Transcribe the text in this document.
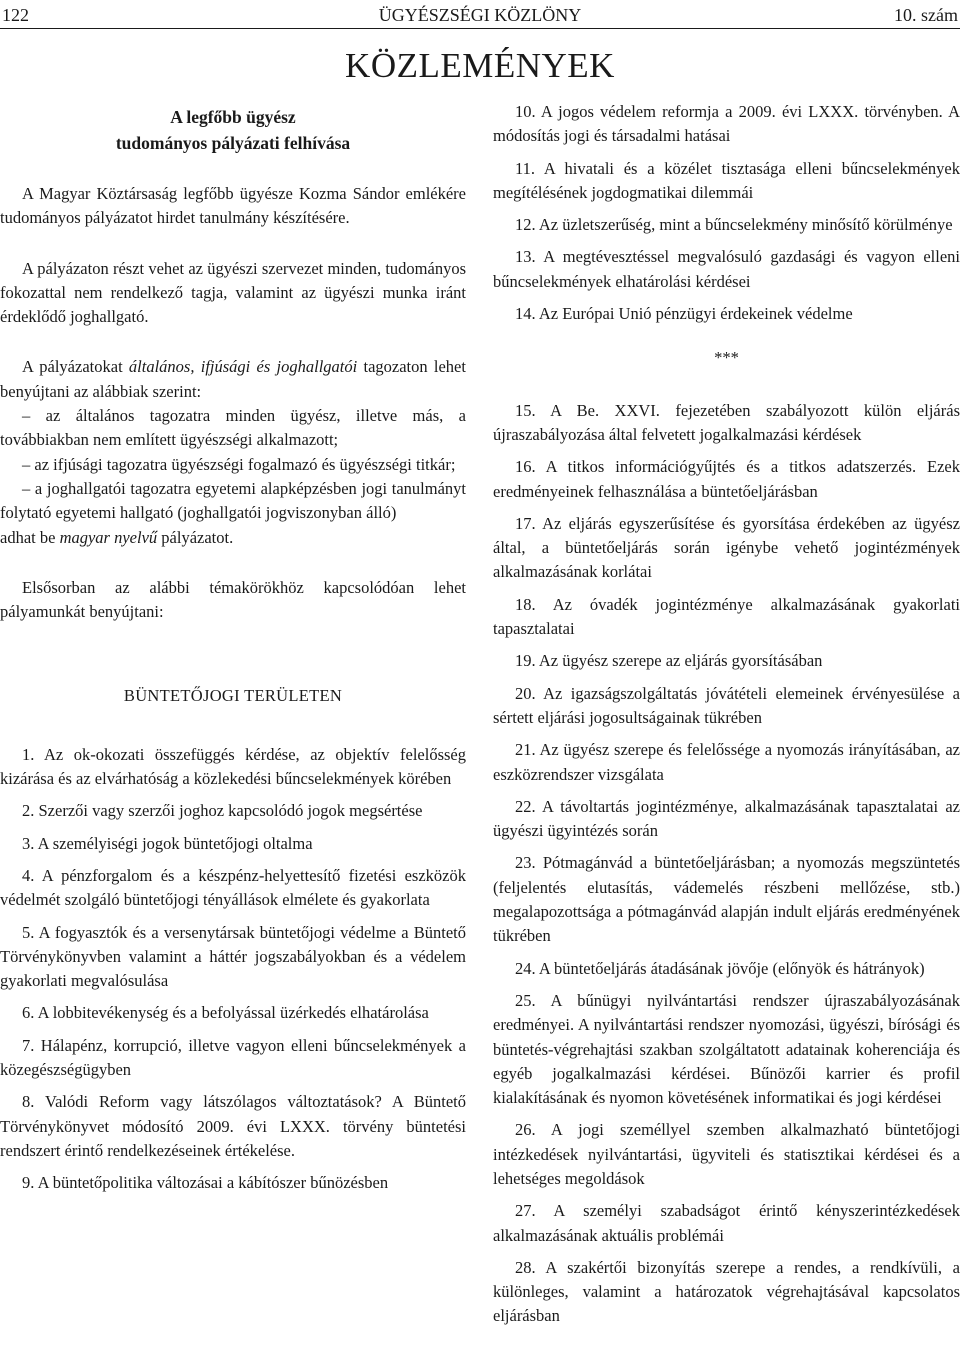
122	ÜGYÉSZSÉGI KÖZLÖNY	10. szám
KÖZLEMÉNYEK

A legfőbb ügyész

tudományos pályázati felhívása

A Magyar Köztársaság legfőbb ügyésze Kozma Sándor emlékére tudományos pályázatot hirdet tanulmány készítésére.

A pályázaton részt vehet az ügyészi szervezet minden, tudományos fokozattal nem rendelkező tagja, valamint az ügyészi munka iránt érdeklődő joghallgató.

A pályázatokat általános, ifjúsági és joghallgatói tagozaton lehet benyújtani az alábbiak szerint:

– az általános tagozatra minden ügyész, illetve más, a továbbiakban nem említett ügyészségi alkalmazott;

– az ifjúsági tagozatra ügyészségi fogalmazó és ügyészségi titkár;

– a joghallgatói tagozatra egyetemi alapképzésben jogi tanulmányt folytató egyetemi hallgató (joghallgatói jogviszonyban álló)

adhat be magyar nyelvű pályázatot.

Elsősorban az alábbi témakörökhöz kapcsolódóan lehet pályamunkát benyújtani:

BÜNTETŐJOGI TERÜLETEN

1. Az ok-okozati összefüggés kérdése, az objektív felelősség kizárása és az elvárhatóság a közlekedési bűncselekmények körében

2. Szerzői vagy szerzői joghoz kapcsolódó jogok megsértése

3. A személyiségi jogok büntetőjogi oltalma

4. A pénzforgalom és a készpénz-helyettesítő fizetési eszközök védelmét szolgáló büntetőjogi tényállások elmélete és gyakorlata

5. A fogyasztók és a versenytársak büntetőjogi védelme a Büntető Törvénykönyvben valamint a háttér jogszabályokban és a védelem gyakorlati megvalósulása

6. A lobbitevékenység és a befolyással üzérkedés elhatárolása

7. Hálapénz, korrupció, illetve vagyon elleni bűncselekmények a közegészségügyben

8. Valódi Reform vagy látszólagos változtatások? A Büntető Törvénykönyvet módosító 2009. évi LXXX. törvény büntetési rendszert érintő rendelkezéseinek értékelése.

9. A büntetőpolitika változásai a kábítószer bűnözésben

10. A jogos védelem reformja a 2009. évi LXXX. törvényben. A módosítás jogi és társadalmi hatásai

11. A hivatali és a közélet tisztasága elleni bűncselekmények megítélésének jogdogmatikai dilemmái

12. Az üzletszerűség, mint a bűncselekmény minősítő körülménye

13. A megtévesztéssel megvalósuló gazdasági és vagyon elleni bűncselekmények elhatárolási kérdései

14. Az Európai Unió pénzügyi érdekeinek védelme

***

15. A Be. XXVI. fejezetében szabályozott külön eljárás újraszabályozása által felvetett jogalkalmazási kérdések

16. A titkos információgyűjtés és a titkos adatszerzés. Ezek eredményeinek felhasználása a büntetőeljárásban

17. Az eljárás egyszerűsítése és gyorsítása érdekében az ügyész által, a büntetőeljárás során igénybe vehető jogintézmények alkalmazásának korlátai

18. Az óvadék jogintézménye alkalmazásának gyakorlati tapasztalatai

19. Az ügyész szerepe az eljárás gyorsításában

20. Az igazságszolgáltatás jóvátételi elemeinek érvényesülése a sértett eljárási jogosultságainak tükrében

21. Az ügyész szerepe és felelőssége a nyomozás irányításában, az eszközrendszer vizsgálata

22. A távoltartás jogintézménye, alkalmazásának tapasztalatai az ügyészi ügyintézés során

23. Pótmagánvád a büntetőeljárásban; a nyomozás megszüntetés (feljelentés elutasítás, vádemelés részbeni mellőzése, stb.) megalapozottsága a pótmagánvád alapján indult eljárás eredményének tükrében

24. A büntetőeljárás átadásának jövője (előnyök és hátrányok)

25. A bűnügyi nyilvántartási rendszer újraszabályozásának eredményei. A nyilvántartási rendszer nyomozási, ügyészi, bírósági és büntetés-végrehajtási szakban szolgáltatott adatainak koherenciája és egyéb jogalkalmazási kérdései. Bűnözői karrier és profil kialakításának és nyomon követésének informatikai és jogi kérdései

26. A jogi személlyel szemben alkalmazható büntetőjogi intézkedések nyilvántartási, ügyviteli és statisztikai kérdései és a lehetséges megoldások

27. A személyi szabadságot érintő kényszerintézkedések alkalmazásának aktuális problémái

28. A szakértői bizonyítás szerepe a rendes, a rendkívüli, a különleges, valamint a határozatok végrehajtásával kapcsolatos eljárásban
